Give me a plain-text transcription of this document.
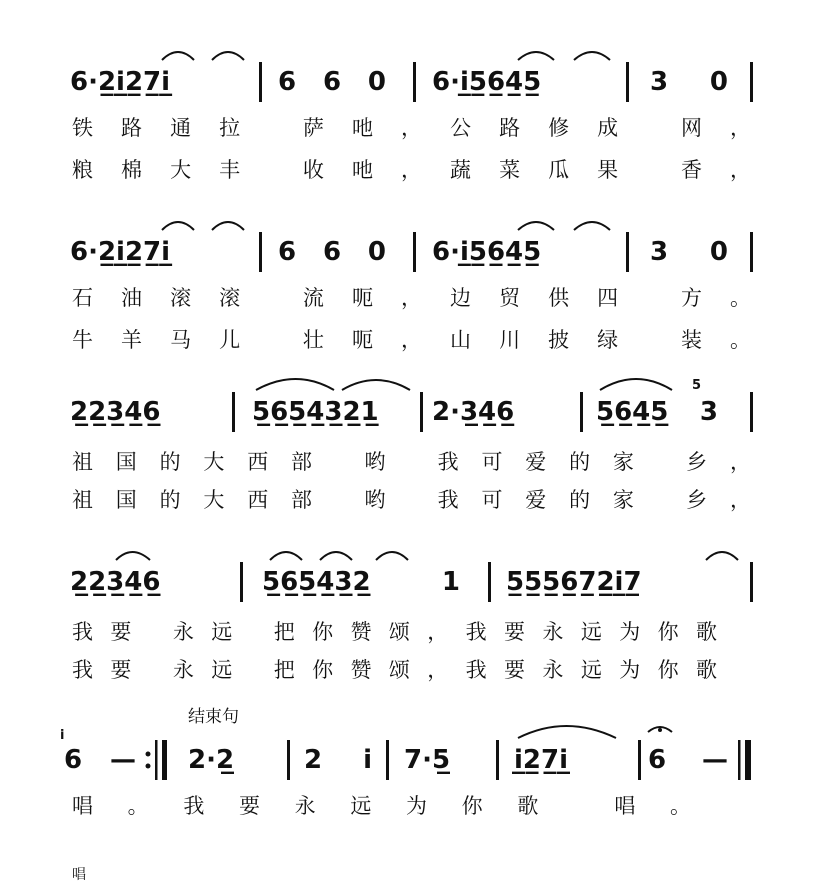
6·2̲i̲2̲7̲i̲	6 6 0 6·i̲5̲6̲4̲5̲	3 0
铁路通拉 萨吔，公路修成 网，
粮棉大丰 收吔，蔬菜瓜果 香，
6·2̲i̲2̲7̲i̲	6 6 0 6·i̲5̲6̲4̲5̲	3 0
石油滚滚 流呃，边贸供四 方。
牛羊马儿 壮呃，山川披绿 装。
2̲2̲3̲4̲6̲	5̲6̲5̲4̲3̲2̲1̲	2·3̲4̲6̲	5̲6̲4̲5̲ 3
5
祖国的大西部 哟 我可爱的家 乡，
祖国的大西部 哟 我可爱的家 乡，
2̲2̲3̲4̲6̲	5̲6̲5̲4̲3̲2̲ 1 5̲5̲5̲6̲7̲2̲i̲7̲
我要 永远 把你赞颂，我要永远为你歌
我要 永远 把你赞颂，我要永远为你歌
结束句
i
6 — 2·2̲	2 i 7·5̲	i̲2̲7̲i̲	6 —
唱。我要永远为你歌 唱。
唱
